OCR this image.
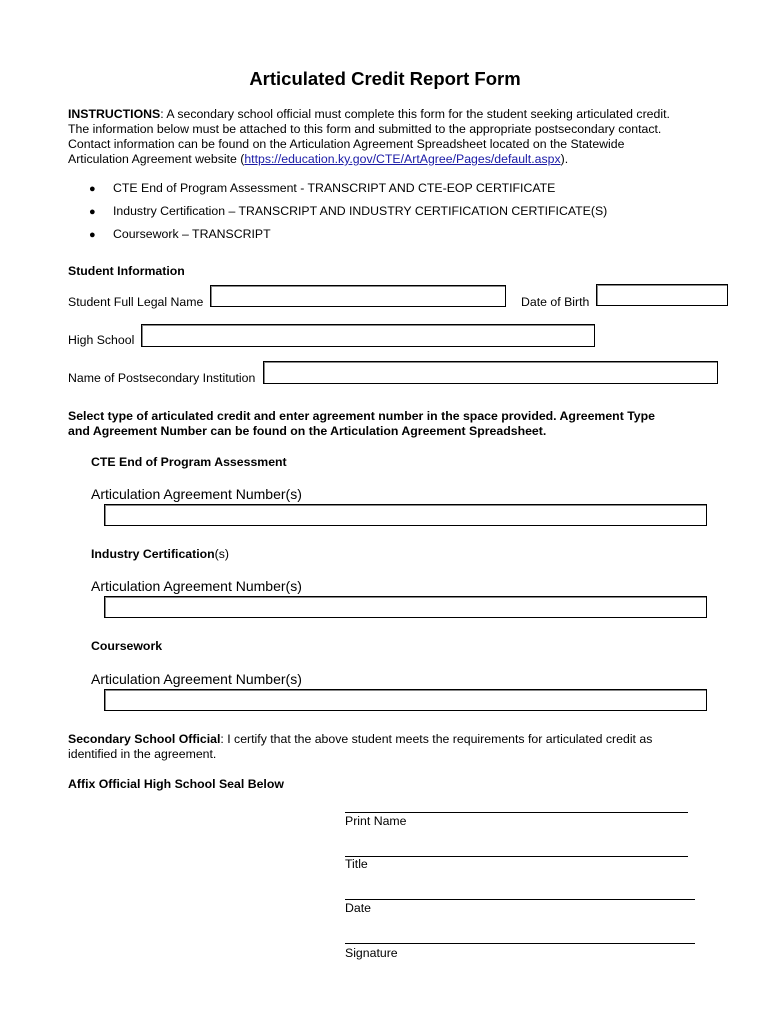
Articulated Credit Report Form
INSTRUCTIONS: A secondary school official must complete this form for the student seeking articulated credit.
The information below must be attached to this form and submitted to the appropriate postsecondary contact.
Contact information can be found on the Articulation Agreement Spreadsheet located on the Statewide
Articulation Agreement website (https://education.ky.gov/CTE/ArtAgree/Pages/default.aspx).
● CTE End of Program Assessment - TRANSCRIPT AND CTE-EOP CERTIFICATE
● Industry Certification – TRANSCRIPT AND INDUSTRY CERTIFICATION CERTIFICATE(S)
● Coursework – TRANSCRIPT
Student Information
Student Full Legal Name	Date of Birth
High School
Name of Postsecondary Institution
Select type of articulated credit and enter agreement number in the space provided. Agreement Type
and Agreement Number can be found on the Articulation Agreement Spreadsheet.
CTE End of Program Assessment
Articulation Agreement Number(s)
Industry Certification(s)
Articulation Agreement Number(s)
Coursework
Articulation Agreement Number(s)
Secondary School Official: I certify that the above student meets the requirements for articulated credit as
identified in the agreement.
Affix Official High School Seal Below
Print Name
Title
Date
Signature
